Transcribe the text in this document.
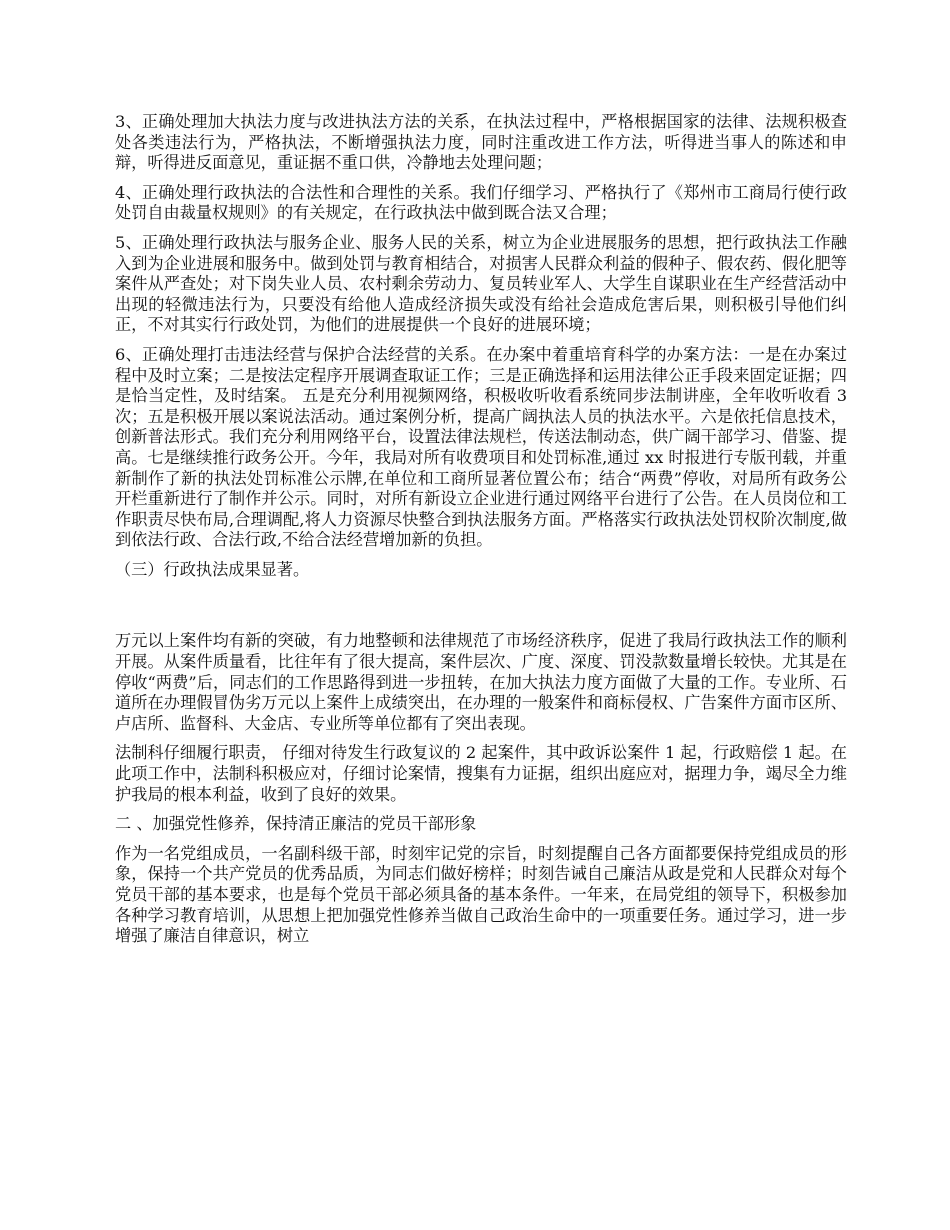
3、正确处理加大执法力度与改进执法方法的关系，在执法过程中，严格根据国家的法律、法规积极查处各类违法行为，严格执法，不断增强执法力度，同时注重改进工作方法，听得进当事人的陈述和申辩，听得进反面意见，重证据不重口供，冷静地去处理问题；

4、正确处理行政执法的合法性和合理性的关系。我们仔细学习、严格执行了《郑州市工商局行使行政处罚自由裁量权规则》的有关规定，在行政执法中做到既合法又合理；

5、正确处理行政执法与服务企业、服务人民的关系，树立为企业进展服务的思想，把行政执法工作融入到为企业进展和服务中。做到处罚与教育相结合，对损害人民群众利益的假种子、假农药、假化肥等案件从严查处；对下岗失业人员、农村剩余劳动力、复员转业军人、大学生自谋职业在生产经营活动中出现的轻微违法行为，只要没有给他人造成经济损失或没有给社会造成危害后果，则积极引导他们纠正，不对其实行行政处罚，为他们的进展提供一个良好的进展环境；

6、正确处理打击违法经营与保护合法经营的关系。在办案中着重培育科学的办案方法：一是在办案过程中及时立案；二是按法定程序开展调查取证工作；三是正确选择和运用法律公正手段来固定证据；四是恰当定性，及时结案。 五是充分利用视频网络，积极收听收看系统同步法制讲座，全年收听收看 3 次；五是积极开展以案说法活动。通过案例分析，提高广阔执法人员的执法水平。六是依托信息技术，创新普法形式。我们充分利用网络平台，设置法律法规栏，传送法制动态，供广阔干部学习、借鉴、提高。七是继续推行政务公开。今年，我局对所有收费项目和处罚标准,通过 xx 时报进行专版刊载，并重新制作了新的执法处罚标准公示牌,在单位和工商所显著位置公布；结合“两费”停收，对局所有政务公开栏重新进行了制作并公示。同时，对所有新设立企业进行通过网络平台进行了公告。在人员岗位和工作职责尽快布局,合理调配,将人力资源尽快整合到执法服务方面。严格落实行政执法处罚权阶次制度,做到依法行政、合法行政,不给合法经营增加新的负担。

（三）行政执法成果显著。

万元以上案件均有新的突破，有力地整顿和法律规范了市场经济秩序，促进了我局行政执法工作的顺利开展。从案件质量看，比往年有了很大提高，案件层次、广度、深度、罚没款数量增长较快。尤其是在停收“两费”后，同志们的工作思路得到进一步扭转，在加大执法力度方面做了大量的工作。专业所、石道所在办理假冒伪劣万元以上案件上成绩突出，在办理的一般案件和商标侵权、广告案件方面市区所、卢店所、监督科、大金店、专业所等单位都有了突出表现。

法制科仔细履行职责， 仔细对待发生行政复议的 2 起案件，其中政诉讼案件 1 起，行政赔偿 1 起。在此项工作中，法制科积极应对，仔细讨论案情，搜集有力证据，组织出庭应对，据理力争，竭尽全力维护我局的根本利益，收到了良好的效果。

二 、加强党性修养，保持清正廉洁的党员干部形象

作为一名党组成员，一名副科级干部，时刻牢记党的宗旨，时刻提醒自己各方面都要保持党组成员的形象，保持一个共产党员的优秀品质，为同志们做好榜样；时刻告诫自己廉洁从政是党和人民群众对每个党员干部的基本要求，也是每个党员干部必须具备的基本条件。一年来，在局党组的领导下，积极参加各种学习教育培训，从思想上把加强党性修养当做自己政治生命中的一项重要任务。通过学习，进一步增强了廉洁自律意识，树立
